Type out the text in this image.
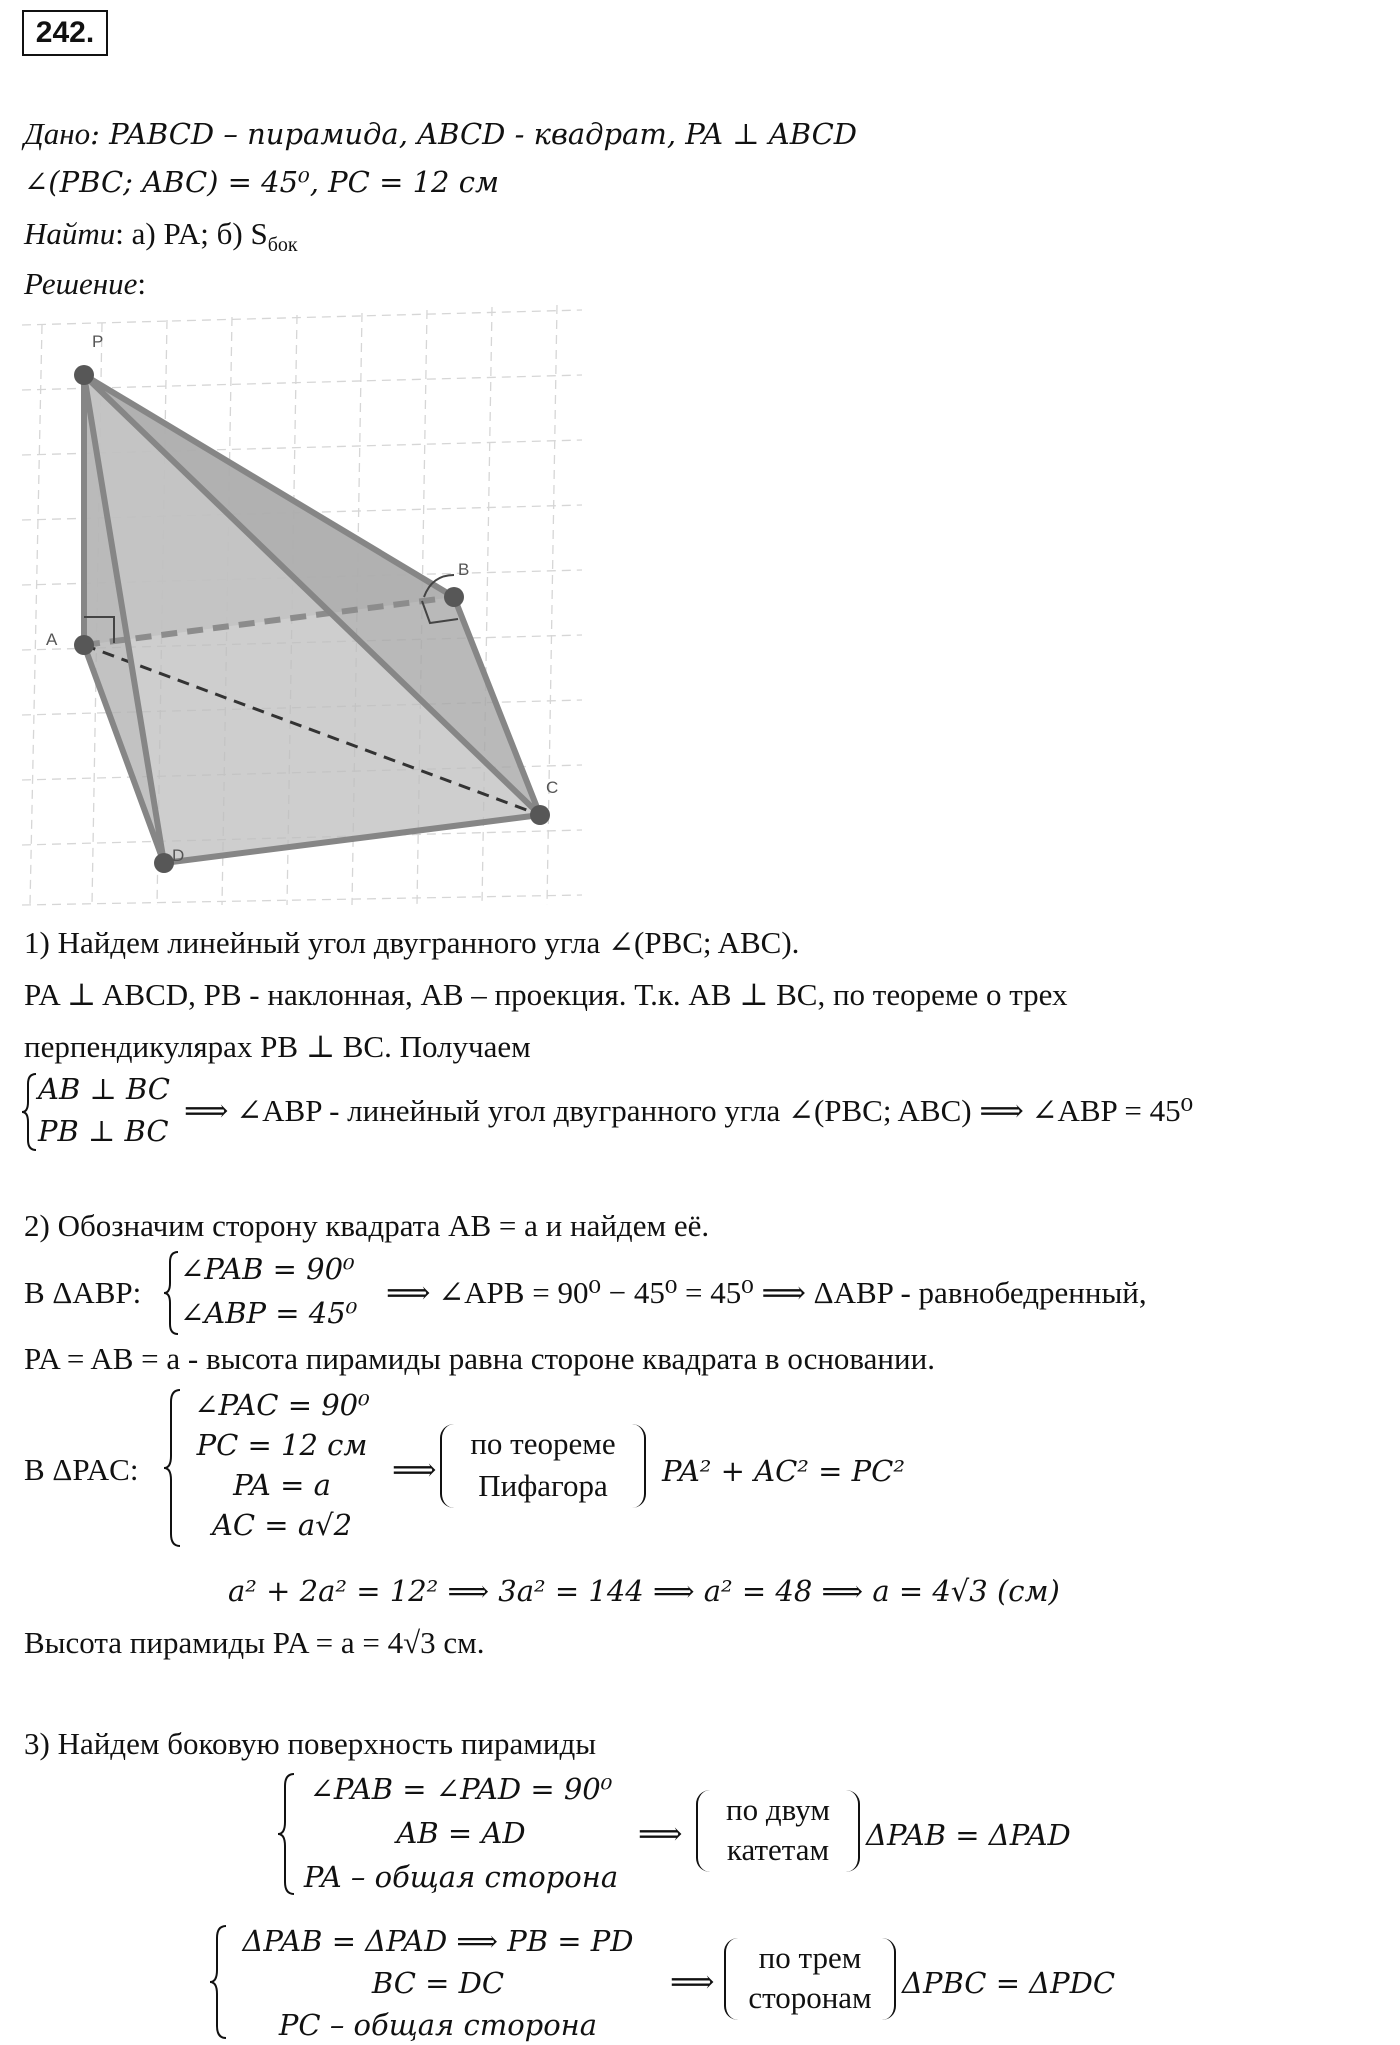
242.
Дано: PABCD – пирамида, ABCD - квадрат, PA ⊥ ABCD
∠(PBC; ABC) = 45⁰, PC = 12 см
Найти: а) PA; б) $S_{бок}$
Решение:
P
A
B
C
D
1) Найдем линейный угол двугранного угла ∠(PBC; ABC).
PA ⊥ ABCD, PB - наклонная, AB – проекция. Т.к. AB ⊥ BC, по теореме о трех
перпендикулярах PB ⊥ BC. Получаем
AB ⊥ BC
PB ⊥ BC
⟹ ∠ABP - линейный угол двугранного угла ∠(PBC; ABC) ⟹ ∠ABP = 45⁰
2) Обозначим сторону квадрата AB = a и найдем её.
В ΔABP:
∠PAB = 90⁰
∠ABP = 45⁰
⟹ ∠APB = 90⁰ − 45⁰ = 45⁰ ⟹ ΔABP - равнобедренный,
PA = AB = a - высота пирамиды равна стороне квадрата в основании.
В ΔPAC:
∠PAC = 90⁰
PC = 12 см
PA = a
AC = a√2
⟹
по теореме
Пифагора	PA² + AC² = PC²
a² + 2a² = 12² ⟹ 3a² = 144 ⟹ a² = 48 ⟹ a = 4√3 (см)
Высота пирамиды PA = a = 4√3 см.
3) Найдем боковую поверхность пирамиды
∠PAB = ∠PAD = 90⁰
AB = AD
PA – общая сторона
⟹
по двум
катетам	ΔPAB = ΔPAD
ΔPAB = ΔPAD ⟹ PB = PD
BC = DC
PC – общая сторона
⟹
по трем
сторонам	ΔPBC = ΔPDC
